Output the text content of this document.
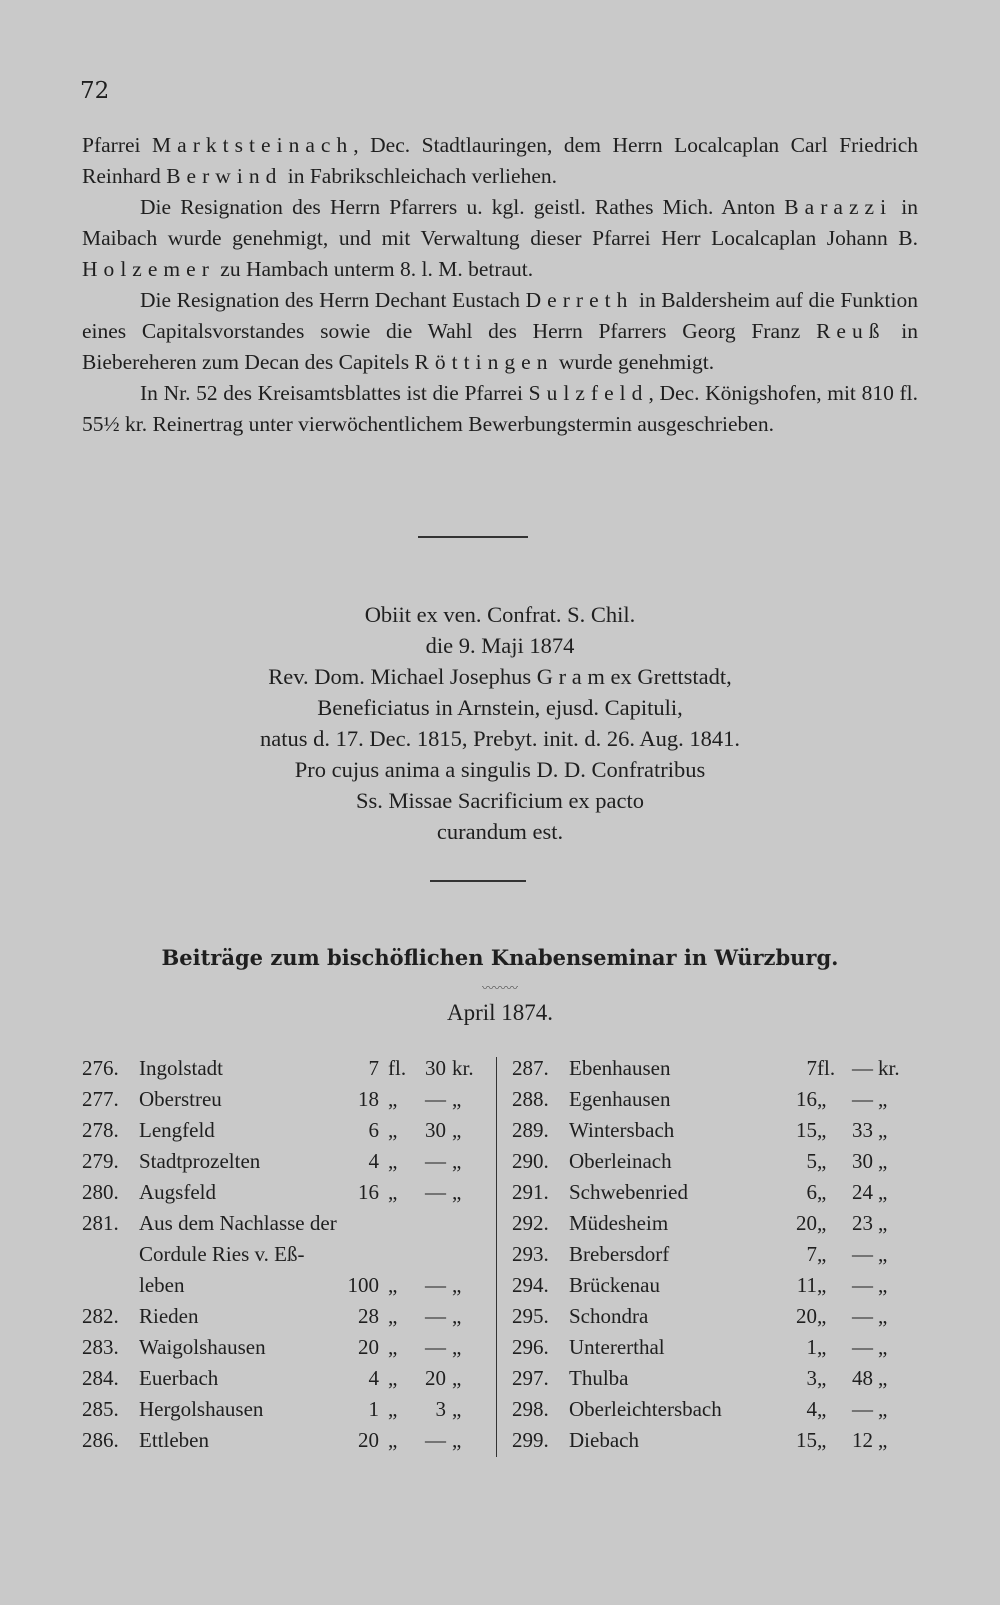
72

Pfarrei Marktsteinach, Dec. Stadtlauringen, dem Herrn Localcaplan Carl Friedrich Reinhard Berwind in Fabrikschleichach verliehen.

Die Resignation des Herrn Pfarrers u. kgl. geistl. Rathes Mich. Anton Barazzi in Maibach wurde genehmigt, und mit Verwaltung dieser Pfarrei Herr Localcaplan Johann B. Holzemer zu Hambach unterm 8. l. M. betraut.

Die Resignation des Herrn Dechant Eustach Derreth in Baldersheim auf die Funktion eines Capitalsvorstandes sowie die Wahl des Herrn Pfarrers Georg Franz Reuß in Biebereheren zum Decan des Capitels Röttingen wurde genehmigt.

In Nr. 52 des Kreisamtsblattes ist die Pfarrei Sulzfeld, Dec. Königshofen, mit 810 fl. 55½ kr. Reinertrag unter vierwöchentlichem Bewerbungstermin ausgeschrieben.

Obiit ex ven. Confrat. S. Chil.
die 9. Maji 1874
Rev. Dom. Michael Josephus G r a m ex Grettstadt,
Beneficiatus in Arnstein, ejusd. Capituli,
natus d. 17. Dec. 1815, Prebyt. init. d. 26. Aug. 1841.
Pro cujus anima a singulis D. D. Confratribus
Ss. Missae Sacrificium ex pacto
curandum est.
Beiträge zum bischöflichen Knabenseminar in Würzburg.
〰〰〰
April 1874.
276. Ingolstadt	7 fl. 30 kr.
277. Oberstreu	18 „	— „
278. Lengfeld	6 „	30 „
279. Stadtprozelten	4 „	— „
280. Augsfeld	16 „	— „
281. Aus dem Nachlasse der
Cordule Ries v. Eß-
leben	100 „	— „
282. Rieden	28 „	— „
283. Waigolshausen	20 „	— „
284. Euerbach	4 „	20 „
285. Hergolshausen	1 „	3 „
286. Ettleben	20 „	— „
287. Ebenhausen	7 fl. — kr.
288. Egenhausen	16 „	— „
289. Wintersbach	15 „	33 „
290. Oberleinach	5 „	30 „
291. Schwebenried	6 „	24 „
292. Müdesheim	20 „	23 „
293. Brebersdorf	7 „	— „
294. Brückenau	11 „	— „
295. Schondra	20 „	— „
296. Untererthal	1 „	— „
297. Thulba	3 „	48 „
298. Oberleichtersbach	4 „	— „
299. Diebach	15 „	12 „
